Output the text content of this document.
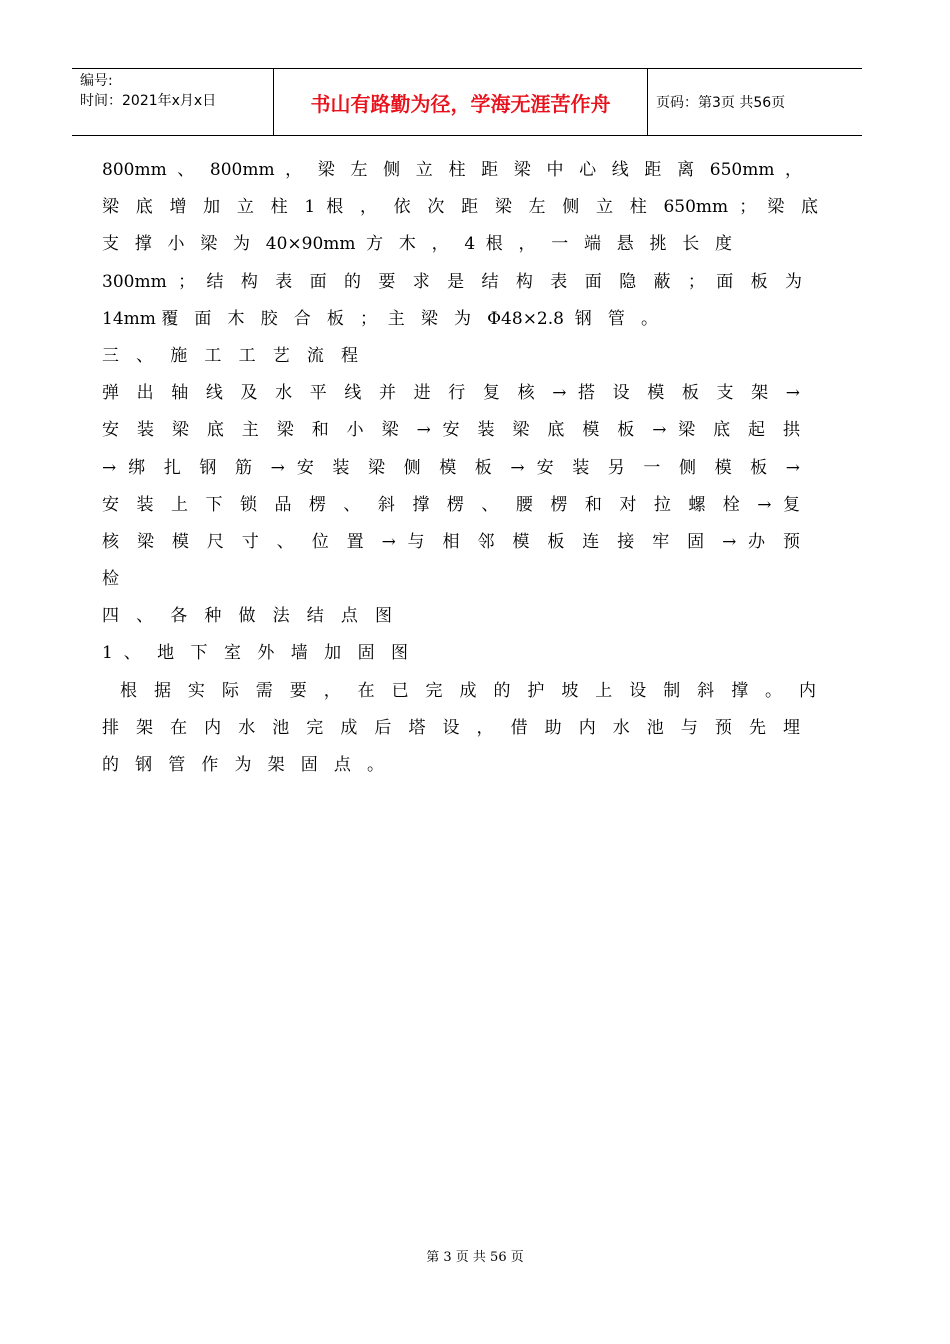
编号:
时间：2021年x月x日	书山有路勤为径，学海无涯苦作舟	页码：第3页 共56页
800mm 、 800mm ， 梁 左 侧 立 柱 距 梁 中 心 线 距 离 650mm ，
梁 底 增 加 立 柱 1 根 ， 依 次 距 梁 左 侧 立 柱 650mm ； 梁 底
支 撑 小 梁 为 40×90mm 方 木 ， 4 根 ， 一 端 悬 挑 长 度
300mm ； 结 构 表 面 的 要 求 是 结 构 表 面 隐 蔽 ； 面 板 为
14mm覆 面 木 胶 合 板 ； 主 梁 为 Φ48×2.8 钢 管 。
三 、 施 工 工 艺 流 程
弹 出 轴 线 及 水 平 线 并 进 行 复 核 → 搭 设 模 板 支 架 →
安 装 梁 底 主 梁 和 小 梁 → 安 装 梁 底 模 板 → 梁 底 起 拱
→ 绑 扎 钢 筋 → 安 装 梁 侧 模 板 → 安 装 另 一 侧 模 板 →
安 装 上 下 锁 品 楞 、 斜 撑 楞 、 腰 楞 和 对 拉 螺 栓 → 复
核 梁 模 尺 寸 、 位 置 → 与 相 邻 模 板 连 接 牢 固 → 办 预
检
四 、 各 种 做 法 结 点 图
1 、 地 下 室 外 墙 加 固 图
根 据 实 际 需 要 ， 在 已 完 成 的 护 坡 上 设 制 斜 撑 。 内
排 架 在 内 水 池 完 成 后 塔 设 ， 借 助 内 水 池 与 预 先 埋
的 钢 管 作 为 架 固 点 。
第 3 页 共 56 页
